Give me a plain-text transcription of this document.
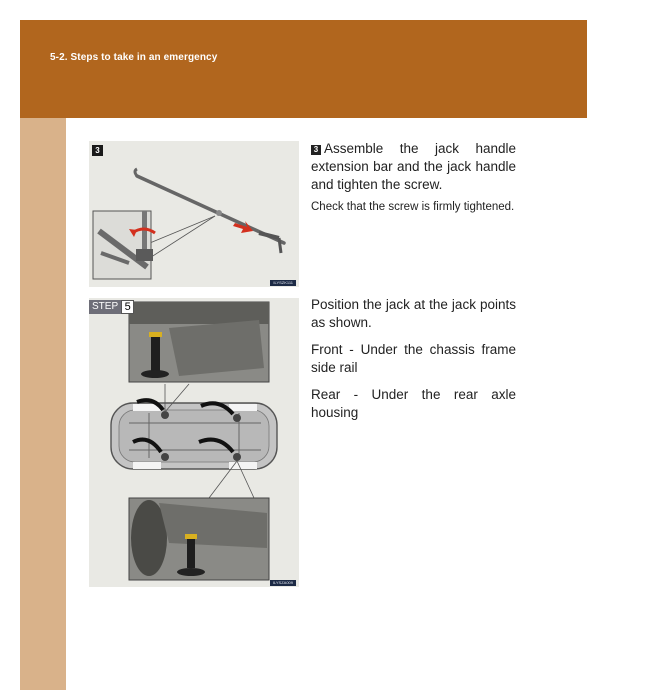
5-2. Steps to take in an emergency
3
ILYSZK111
STEP 5
ILYSZA009

3 Assemble the jack handle extension bar and the jack handle and tighten the screw.

Check that the screw is firmly tightened.

Position the jack at the jack points as shown.

Front - Under the chassis frame side rail

Rear - Under the rear axle housing
